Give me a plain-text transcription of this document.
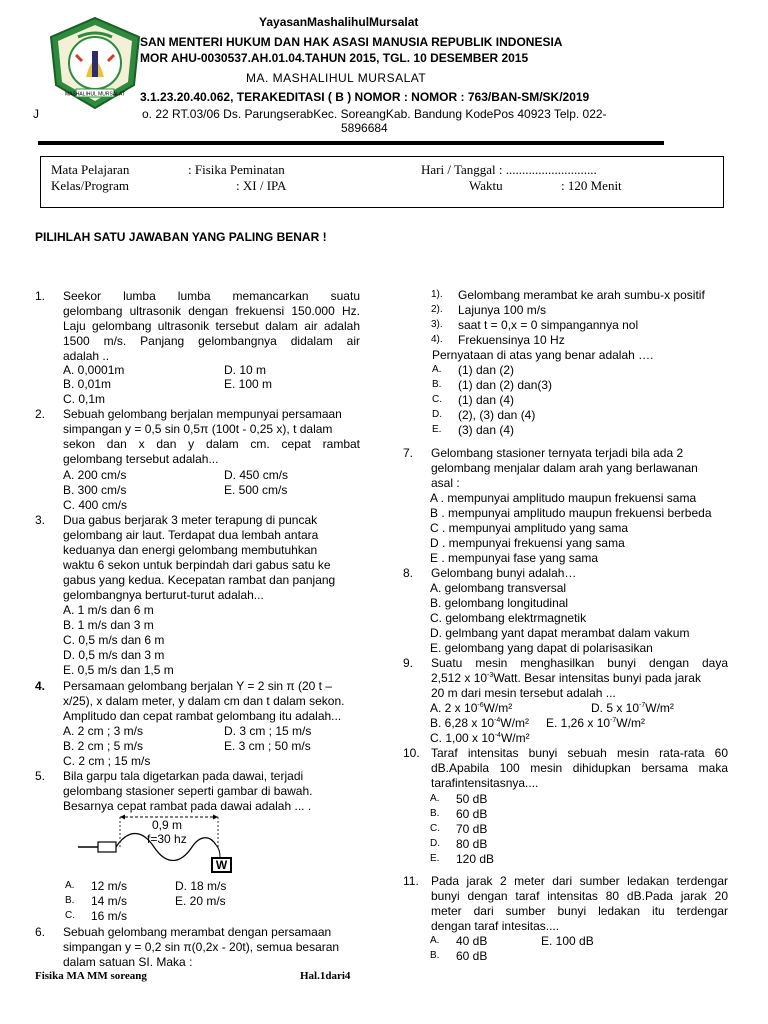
MASHALIHUL MURSALAT
YayasanMashalihulMursalat
SAN MENTERI HUKUM DAN HAK ASASI MANUSIA REPUBLIK INDONESIA
MOR AHU-0030537.AH.01.04.TAHUN 2015, TGL. 10 DESEMBER 2015
MA. MASHALIHUL MURSALAT
3.1.23.20.40.062, TERAKEDITASI ( B ) NOMOR : NOMOR : 763/BAN-SM/SK/2019
J	o. 22 RT.03/06 Ds. ParungserabKec. SoreangKab. Bandung KodePos 40923 Telp. 022-
5896684
Mata Pelajaran	: Fisika Peminatan	Hari / Tanggal : ............................
Kelas/Program	: XI / IPA	Waktu	: 120 Menit
PILIHLAH SATU JAWABAN YANG PALING BENAR !
1. Seekor lumba lumba memancarkan suatu
gelombang ultrasonik dengan frekuensi 150.000 Hz.
Laju gelombang ultrasonik tersebut dalam air adalah
1500 m/s. Panjang gelombangnya didalam air
adalah ..
A. 0,0001m	D. 10 m
B. 0,01m	E. 100 m
C. 0,1m
2. Sebuah gelombang berjalan mempunyai persamaan
simpangan y = 0,5 sin 0,5π (100t - 0,25 x), t dalam
sekon dan x dan y dalam cm. cepat rambat
gelombang tersebut adalah...
A. 200 cm/s	D. 450 cm/s
B. 300 cm/s	E. 500 cm/s
C. 400 cm/s
3. Dua gabus berjarak 3 meter terapung di puncak
gelombang air laut. Terdapat dua lembah antara
keduanya dan energi gelombang membutuhkan
waktu 6 sekon untuk berpindah dari gabus satu ke
gabus yang kedua. Kecepatan rambat dan panjang
gelombangnya berturut-turut adalah...
A. 1 m/s dan 6 m
B. 1 m/s dan 3 m
C. 0,5 m/s dan 6 m
D. 0,5 m/s dan 3 m
E. 0,5 m/s dan 1,5 m
4. Persamaan gelombang berjalan Y = 2 sin π (20 t –
x/25), x dalam meter, y dalam cm dan t dalam sekon.
Amplitudo dan cepat rambat gelombang itu adalah...
A. 2 cm ; 3 m/s	D. 3 cm ; 15 m/s
B. 2 cm ; 5 m/s	E. 3 cm ; 50 m/s
C. 2 cm ; 15 m/s
5. Bila garpu tala digetarkan pada dawai, terjadi
gelombang stasioner seperti gambar di bawah.
Besarnya cepat rambat pada dawai adalah ... .
0,9 m
f=30 hz
W
A. 12 m/s	D. 18 m/s
B. 14 m/s	E. 20 m/s
C. 16 m/s
6. Sebuah gelombang merambat dengan persamaan
simpangan y = 0,2 sin π(0,2x - 20t), semua besaran
dalam satuan SI. Maka :
1). Gelombang merambat ke arah sumbu-x positif
2). Lajunya 100 m/s
3). saat t = 0,x = 0 simpangannya nol
4). Frekuensinya 10 Hz
Pernyataan di atas yang benar adalah ….
A. (1) dan (2)
B. (1) dan (2) dan(3)
C. (1) dan (4)
D. (2), (3) dan (4)
E. (3) dan (4)
7. Gelombang stasioner ternyata terjadi bila ada 2
gelombang menjalar dalam arah yang berlawanan
asal :
A . mempunyai amplitudo maupun frekuensi sama
B . mempunyai amplitudo maupun frekuensi berbeda
C . mempunyai amplitudo yang sama
D . mempunyai frekuensi yang sama
E . mempunyai fase yang sama
8. Gelombang bunyi adalah…
A. gelombang transversal
B. gelombang longitudinal
C. gelombang elektrmagnetik
D. gelmbang yant dapat merambat dalam vakum
E. gelombang yang dapat di polarisasikan
9. Suatu mesin menghasilkan bunyi dengan daya
2,512 x $10^{-3}Watt$. Besar intensitas bunyi pada jarak
20 m dari mesin tersebut adalah ...
A. 2 x $10^{-6}W/m^2$	D. 5 x $10^{-7}W/m^2$
B. 6,28 x $10^{-4}W/m^2$ E. 1,26 x $10^{-7}W/m^2$
C. 1,00 x $10^{-4}W/m^2$
10. Taraf intensitas bunyi sebuah mesin rata-rata 60
dB.Apabila 100 mesin dihidupkan bersama maka
tarafintensitasnya....
A. 50 dB
B. 60 dB
C. 70 dB
D. 80 dB
E. 120 dB
11. Pada jarak 2 meter dari sumber ledakan terdengar
bunyi dengan taraf intensitas 80 dB.Pada jarak 20
meter dari sumber bunyi ledakan itu terdengar
dengan taraf intesitas....
A. 40 dB	E. 100 dB
B. 60 dB
Fisika MA MM soreang	Hal.1dari4
